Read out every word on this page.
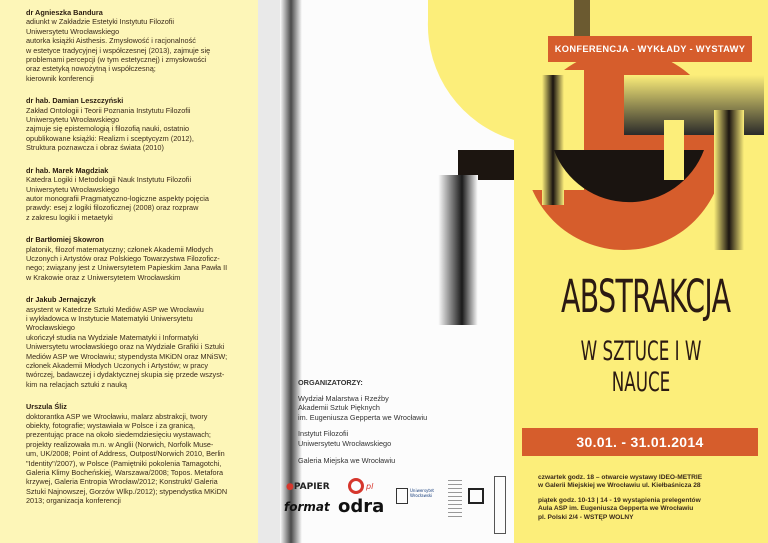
dr Agnieszka Bandura
adiunkt w Zakładzie Estetyki Instytutu Filozofii
Uniwersytetu Wrocławskiego
autorka książki Aisthesis. Zmysłowość i racjonalność
w estetyce tradycyjnej i współczesnej (2013), zajmuje się
problemami percepcji (w tym estetycznej) i zmysłowości
oraz estetyką nowożytną i współczesną;
kierownik konferencji
dr hab. Damian Leszczyński
Zakład Ontologii i Teorii Poznania Instytutu Filozofii
Uniwersytetu Wrocławskiego
zajmuje się epistemologią i filozofią nauki, ostatnio
opublikowane książki: Realizm i sceptycyzm (2012),
Struktura poznawcza i obraz świata (2010)
dr hab. Marek Magdziak
Katedra Logiki i Metodologii Nauk Instytutu Filozofii
Uniwersytetu Wrocławskiego
autor monografii Pragmatyczno-logiczne aspekty pojęcia
prawdy: esej z logiki filozoficznej (2008) oraz rozpraw
z zakresu logiki i metaetyki
dr Bartłomiej Skowron
platonik, filozof matematyczny; członek Akademii Młodych
Uczonych i Artystów oraz Polskiego Towarzystwa Filozoficz-
nego; związany jest z Uniwersytetem Papieskim Jana Pawła II
w Krakowie oraz z Uniwersytetem Wrocławskim
dr Jakub Jernajczyk
asystent w Katedrze Sztuki Mediów ASP we Wrocławiu
i wykładowca w Instytucie Matematyki Uniwersytetu
Wrocławskiego
ukończył studia na Wydziale Matematyki i Informatyki
Uniwersytetu wrocławskiego oraz na Wydziale Grafiki i Sztuki
Mediów ASP we Wrocławiu; stypendysta MKiDN oraz MNiSW;
członek Akademii Młodych Uczonych i Artystów; w pracy
twórczej, badawczej i dydaktycznej skupia się przede wszyst-
kim na relacjach sztuki z nauką
Urszula Śliz
doktorantka ASP we Wrocławiu, malarz abstrakcji, twory
obiekty, fotografie; wystawiała w Polsce i za granicą,
prezentując prace na około siedemdziesięciu wystawach;
projekty realizowała m.n. w Anglii (Norwich, Norfolk Muse-
um, UK/2008; Point of Address, Outpost/Norwich 2010, Berlin
"Identity"/2007), w Polsce (Pamiętniki pokolenia Tamagotchi,
Galeria Klimy Bocheńskiej, Warszawa/2008; Topos. Metafora
krzywej, Galeria Entropia Wrocław/2012; Konstrukt/ Galeria
Sztuki Najnowszej, Gorzów Wlkp./2012); stypendystka MKiDN
2013; organizacja konferencji
ORGANIZATORZY:
Wydział Malarstwa i Rzeźby
Akademii Sztuk Pięknych
im. Eugeniusza Gepperta we Wrocławiu
Instytut Filozofii
Uniwersytetu Wrocławskiego
Galeria Miejska we Wrocławiu
●PAPIER	pl
format odra
Uniwersytet
Wrocławski
KONFERENCJA - WYKŁADY - WYSTAWY
ABSTRAKCJA
W SZTUCE I W NAUCE
30.01. - 31.01.2014

czwartek godz. 18 – otwarcie wystawy IDEO-METRIE
w Galerii Miejskiej we Wrocławiu ul. Kiełbaśnicza 28

piątek godz. 10-13 | 14 - 19 wystąpienia prelegentów
Aula ASP im. Eugeniusza Gepperta we Wrocławiu
pl. Polski 2/4 - WSTĘP WOLNY
